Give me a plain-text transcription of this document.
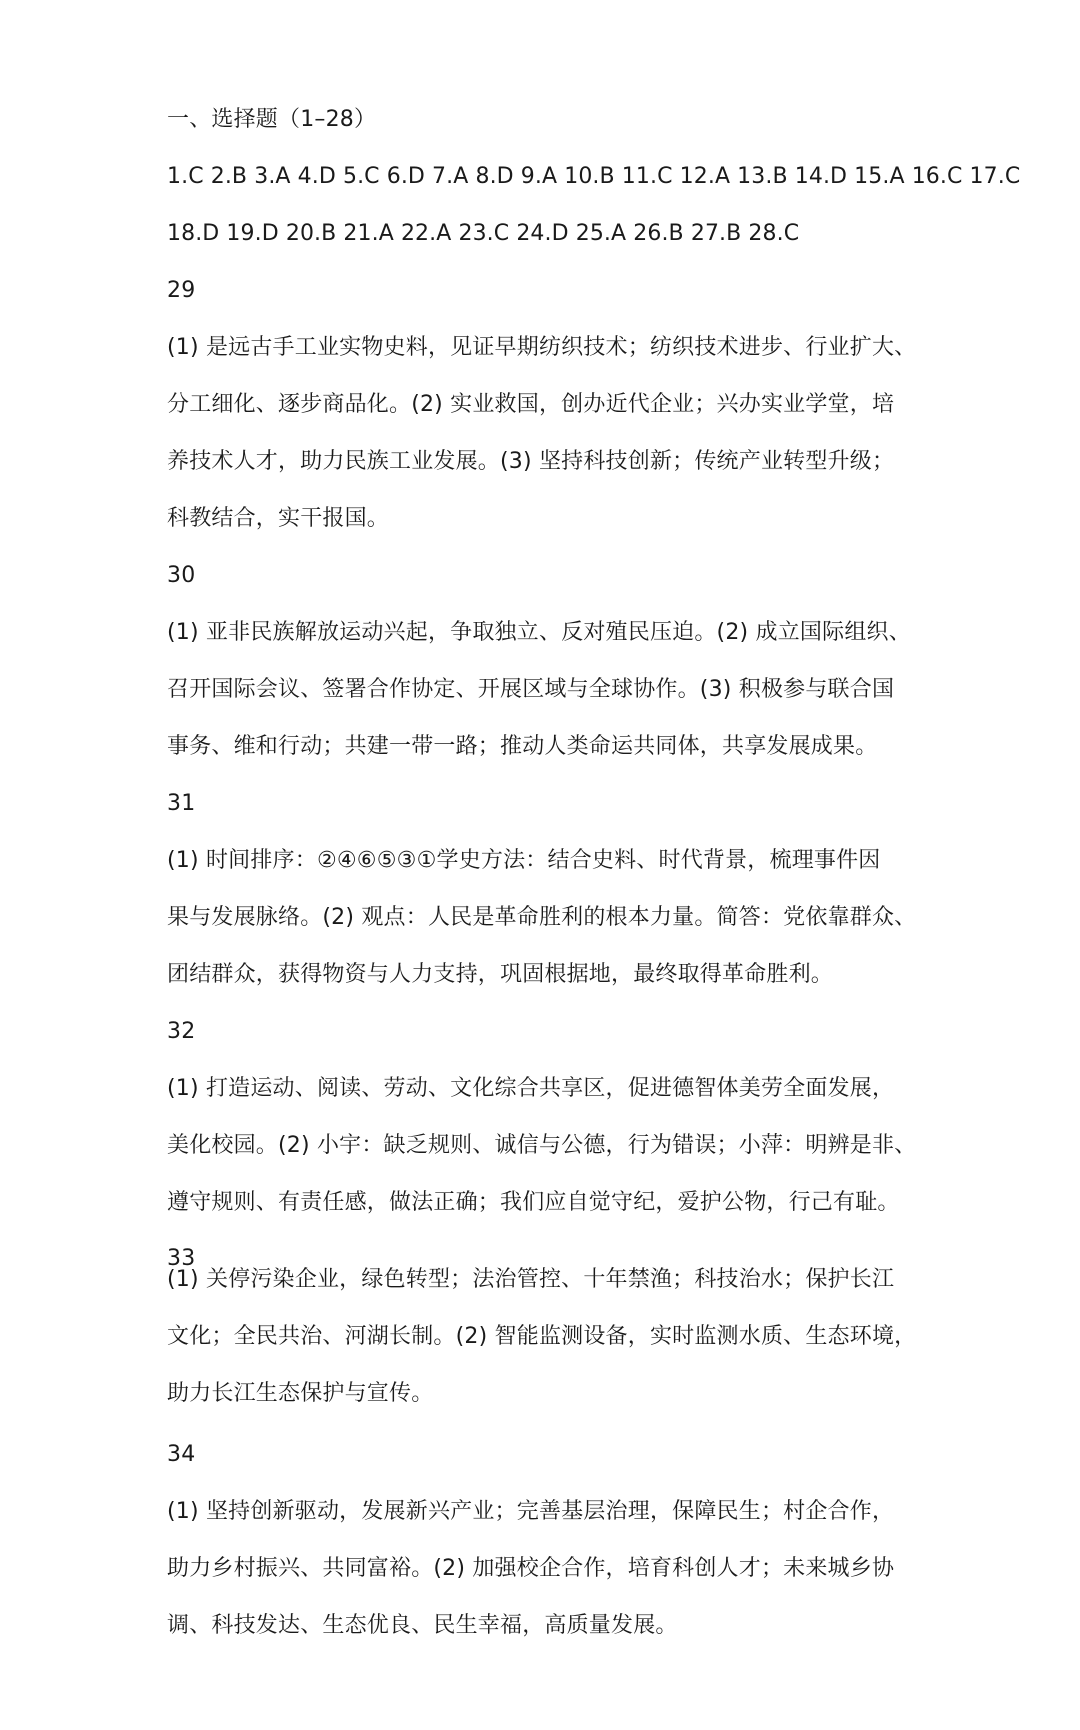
一、选择题（1–28）
1.C 2.B 3.A 4.D 5.C 6.D 7.A 8.D 9.A 10.B 11.C 12.A 13.B 14.D 15.A 16.C 17.C
18.D 19.D 20.B 21.A 22.A 23.C 24.D 25.A 26.B 27.B 28.C
29
(1) 是远古手工业实物史料，见证早期纺织技术；纺织技术进步、行业扩大、
分工细化、逐步商品化。(2) 实业救国，创办近代企业；兴办实业学堂，培
养技术人才，助力民族工业发展。(3) 坚持科技创新；传统产业转型升级；
科教结合，实干报国。
30
(1) 亚非民族解放运动兴起，争取独立、反对殖民压迫。(2) 成立国际组织、
召开国际会议、签署合作协定、开展区域与全球协作。(3) 积极参与联合国
事务、维和行动；共建一带一路；推动人类命运共同体，共享发展成果。
31
(1) 时间排序：②④⑥⑤③①学史方法：结合史料、时代背景，梳理事件因
果与发展脉络。(2) 观点：人民是革命胜利的根本力量。简答：党依靠群众、
团结群众，获得物资与人力支持，巩固根据地，最终取得革命胜利。
32
(1) 打造运动、阅读、劳动、文化综合共享区，促进德智体美劳全面发展，
美化校园。(2) 小宇：缺乏规则、诚信与公德，行为错误；小萍：明辨是非、
遵守规则、有责任感，做法正确；我们应自觉守纪，爱护公物，行己有耻。
33
(1) 关停污染企业，绿色转型；法治管控、十年禁渔；科技治水；保护长江
文化；全民共治、河湖长制。(2) 智能监测设备，实时监测水质、生态环境，
助力长江生态保护与宣传。
34
(1) 坚持创新驱动，发展新兴产业；完善基层治理，保障民生；村企合作，
助力乡村振兴、共同富裕。(2) 加强校企合作，培育科创人才；未来城乡协
调、科技发达、生态优良、民生幸福，高质量发展。
